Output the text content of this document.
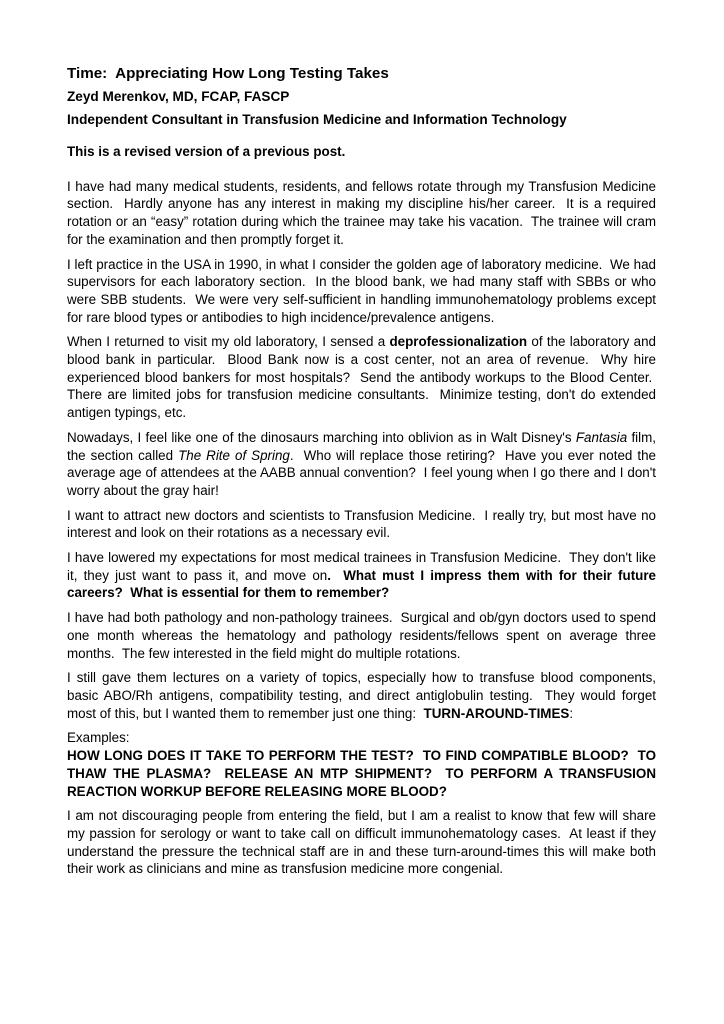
Time:  Appreciating How Long Testing Takes
Zeyd Merenkov, MD, FCAP, FASCP
Independent Consultant in Transfusion Medicine and Information Technology

This is a revised version of a previous post.

I have had many medical students, residents, and fellows rotate through my Transfusion Medicine section.  Hardly anyone has any interest in making my discipline his/her career.  It is a required rotation or an “easy” rotation during which the trainee may take his vacation.  The trainee will cram for the examination and then promptly forget it.

I left practice in the USA in 1990, in what I consider the golden age of laboratory medicine.  We had supervisors for each laboratory section.  In the blood bank, we had many staff with SBBs or who were SBB students.  We were very self-sufficient in handling immunohematology problems except for rare blood types or antibodies to high incidence/prevalence antigens.

When I returned to visit my old laboratory, I sensed a deprofessionalization of the laboratory and blood bank in particular.  Blood Bank now is a cost center, not an area of revenue.  Why hire experienced blood bankers for most hospitals?  Send the antibody workups to the Blood Center.  There are limited jobs for transfusion medicine consultants.  Minimize testing, don't do extended antigen typings, etc.

Nowadays, I feel like one of the dinosaurs marching into oblivion as in Walt Disney's Fantasia film, the section called The Rite of Spring.  Who will replace those retiring?  Have you ever noted the average age of attendees at the AABB annual convention?  I feel young when I go there and I don't worry about the gray hair!

I want to attract new doctors and scientists to Transfusion Medicine.  I really try, but most have no interest and look on their rotations as a necessary evil.

I have lowered my expectations for most medical trainees in Transfusion Medicine.  They don't like it, they just want to pass it, and move on.  What must I impress them with for their future careers?  What is essential for them to remember?

I have had both pathology and non-pathology trainees.  Surgical and ob/gyn doctors used to spend one month whereas the hematology and pathology residents/fellows spent on average three months.  The few interested in the field might do multiple rotations.

I still gave them lectures on a variety of topics, especially how to transfuse blood components, basic ABO/Rh antigens, compatibility testing, and direct antiglobulin testing.  They would forget most of this, but I wanted them to remember just one thing:  TURN-AROUND-TIMES:

Examples:

HOW LONG DOES IT TAKE TO PERFORM THE TEST?  TO FIND COMPATIBLE BLOOD?  TO THAW THE PLASMA?  RELEASE AN MTP SHIPMENT?  TO PERFORM A TRANSFUSION REACTION WORKUP BEFORE RELEASING MORE BLOOD?

I am not discouraging people from entering the field, but I am a realist to know that few will share my passion for serology or want to take call on difficult immunohematology cases.  At least if they understand the pressure the technical staff are in and these turn-around-times this will make both their work as clinicians and mine as transfusion medicine more congenial.
